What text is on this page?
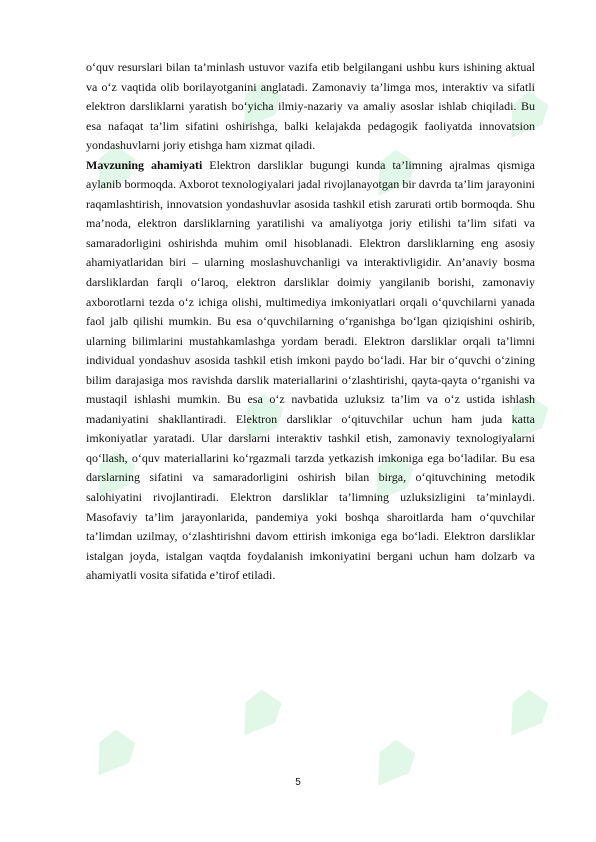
o‘quv resurslari bilan ta’minlash ustuvor vazifa etib belgilangani ushbu kurs ishining aktual va o‘z vaqtida olib borilayotganini anglatadi. Zamonaviy ta’limga mos, interaktiv va sifatli elektron darsliklarni yaratish bo‘yicha ilmiy-nazariy va amaliy asoslar ishlab chiqiladi. Bu esa nafaqat ta’lim sifatini oshirishga, balki kelajakda pedagogik faoliyatda innovatsion yondashuvlarni joriy etishga ham xizmat qiladi.

Mavzuning ahamiyati Elektron darsliklar bugungi kunda ta’limning ajralmas qismiga aylanib bormoqda. Axborot texnologiyalari jadal rivojlanayotgan bir davrda ta’lim jarayonini raqamlashtirish, innovatsion yondashuvlar asosida tashkil etish zarurati ortib bormoqda. Shu ma’noda, elektron darsliklarning yaratilishi va amaliyotga joriy etilishi ta’lim sifati va samaradorligini oshirishda muhim omil hisoblanadi. Elektron darsliklarning eng asosiy ahamiyatlaridan biri – ularning moslashuvchanligi va interaktivligidir. An’anaviy bosma darsliklardan farqli o‘laroq, elektron darsliklar doimiy yangilanib borishi, zamonaviy axborotlarni tezda o‘z ichiga olishi, multimediya imkoniyatlari orqali o‘quvchilarni yanada faol jalb qilishi mumkin. Bu esa o‘quvchilarning o‘rganishga bo‘lgan qiziqishini oshirib, ularning bilimlarini mustahkamlashga yordam beradi. Elektron darsliklar orqali ta’limni individual yondashuv asosida tashkil etish imkoni paydo bo‘ladi. Har bir o‘quvchi o‘zining bilim darajasiga mos ravishda darslik materiallarini o‘zlashtirishi, qayta-qayta o‘rganishi va mustaqil ishlashi mumkin. Bu esa o‘z navbatida uzluksiz ta’lim va o‘z ustida ishlash madaniyatini shakllantiradi. Elektron darsliklar o‘qituvchilar uchun ham juda katta imkoniyatlar yaratadi. Ular darslarni interaktiv tashkil etish, zamonaviy texnologiyalarni qo‘llash, o‘quv materiallarini ko‘rgazmali tarzda yetkazish imkoniga ega bo‘ladilar. Bu esa darslarning sifatini va samaradorligini oshirish bilan birga, o‘qituvchining metodik salohiyatini rivojlantiradi. Elektron darsliklar ta’limning uzluksizligini ta’minlaydi. Masofaviy ta’lim jarayonlarida, pandemiya yoki boshqa sharoitlarda ham o‘quvchilar ta’limdan uzilmay, o‘zlashtirishni davom ettirish imkoniga ega bo‘ladi. Elektron darsliklar istalgan joyda, istalgan vaqtda foydalanish imkoniyatini bergani uchun ham dolzarb va ahamiyatli vosita sifatida e’tirof etiladi.

5
